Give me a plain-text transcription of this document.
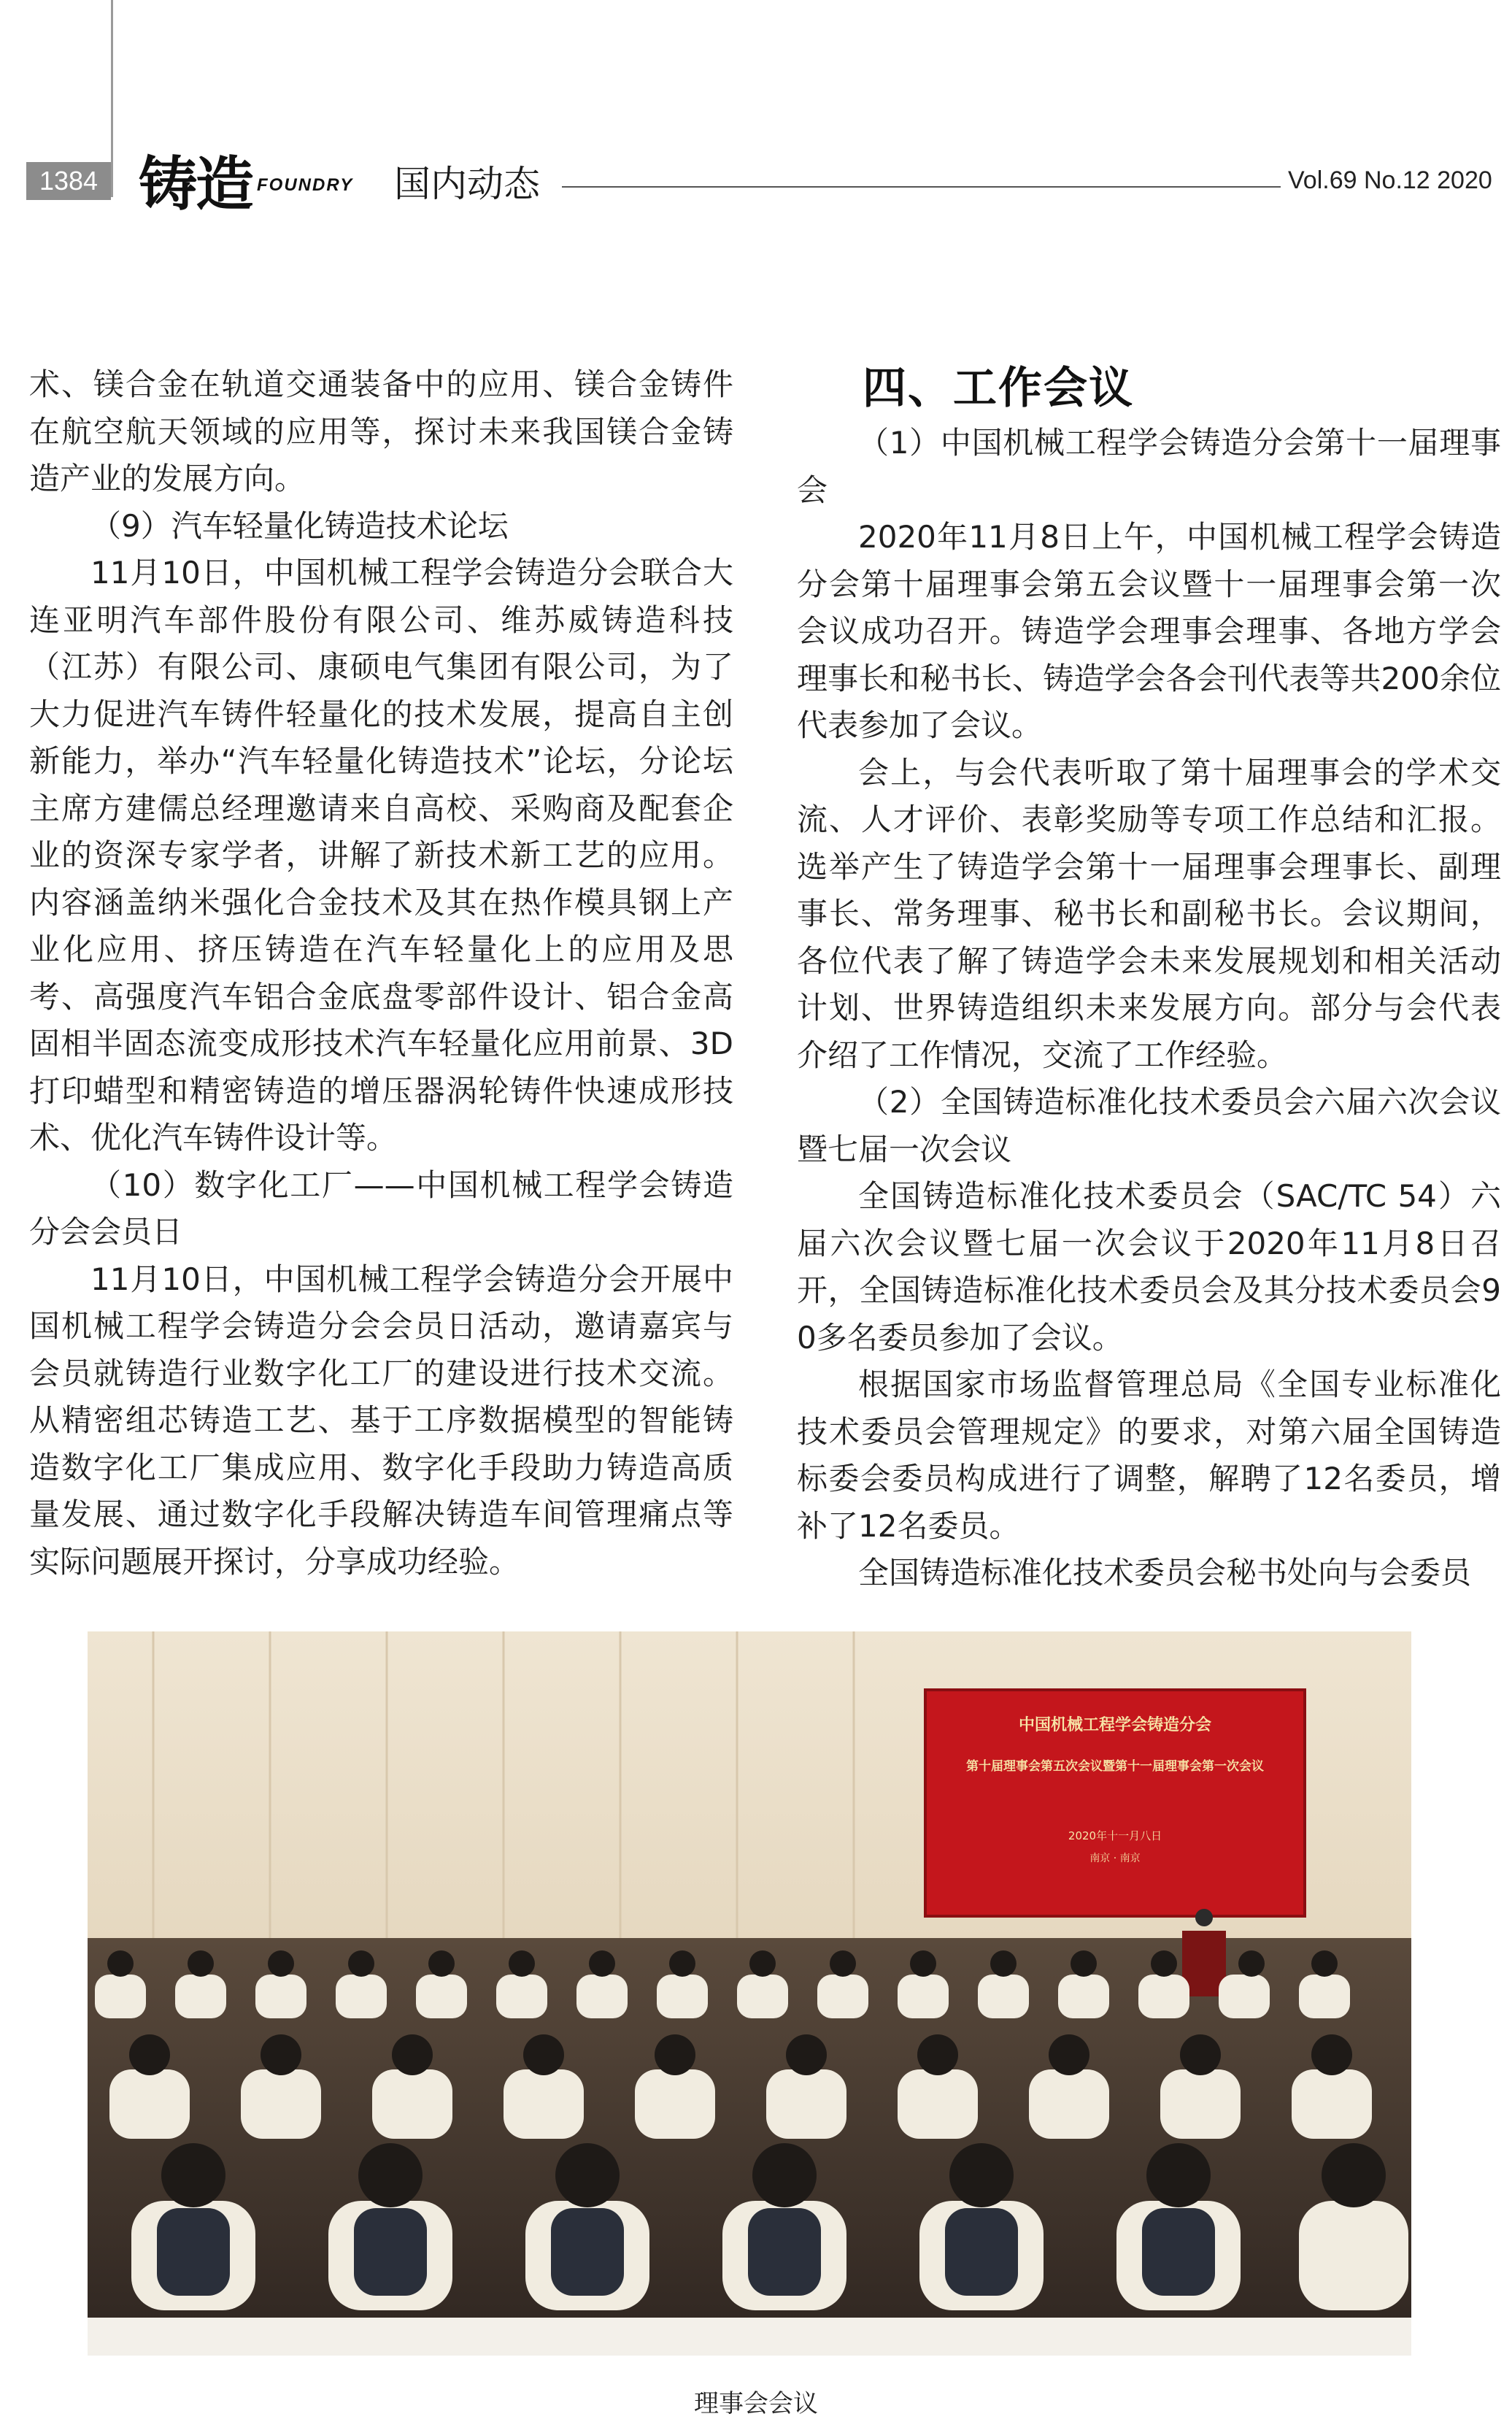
1384 铸造 FOUNDRY 国内动态	Vol.69 No.12 2020

术、镁合金在轨道交通装备中的应用、镁合金铸件在航空航天领域的应用等，探讨未来我国镁合金铸造产业的发展方向。

（9）汽车轻量化铸造技术论坛

11月10日，中国机械工程学会铸造分会联合大连亚明汽车部件股份有限公司、维苏威铸造科技（江苏）有限公司、康硕电气集团有限公司，为了大力促进汽车铸件轻量化的技术发展，提高自主创新能力，举办“汽车轻量化铸造技术”论坛，分论坛主席方建儒总经理邀请来自高校、采购商及配套企业的资深专家学者，讲解了新技术新工艺的应用。内容涵盖纳米强化合金技术及其在热作模具钢上产业化应用、挤压铸造在汽车轻量化上的应用及思考、高强度汽车铝合金底盘零部件设计、铝合金高固相半固态流变成形技术汽车轻量化应用前景、3D打印蜡型和精密铸造的增压器涡轮铸件快速成形技术、优化汽车铸件设计等。

（10）数字化工厂——中国机械工程学会铸造分会会员日

11月10日，中国机械工程学会铸造分会开展中国机械工程学会铸造分会会员日活动，邀请嘉宾与会员就铸造行业数字化工厂的建设进行技术交流。从精密组芯铸造工艺、基于工序数据模型的智能铸造数字化工厂集成应用、数字化手段助力铸造高质量发展、通过数字化手段解决铸造车间管理痛点等实际问题展开探讨，分享成功经验。

四、工作会议

（1）中国机械工程学会铸造分会第十一届理事会

2020年11月8日上午，中国机械工程学会铸造分会第十届理事会第五会议暨十一届理事会第一次会议成功召开。铸造学会理事会理事、各地方学会理事长和秘书长、铸造学会各会刊代表等共200余位代表参加了会议。

会上，与会代表听取了第十届理事会的学术交流、人才评价、表彰奖励等专项工作总结和汇报。选举产生了铸造学会第十一届理事会理事长、副理事长、常务理事、秘书长和副秘书长。会议期间，各位代表了解了铸造学会未来发展规划和相关活动计划、世界铸造组织未来发展方向。部分与会代表介绍了工作情况，交流了工作经验。

（2）全国铸造标准化技术委员会六届六次会议暨七届一次会议

全国铸造标准化技术委员会（SAC/TC 54）六届六次会议暨七届一次会议于2020年11月8日召开，全国铸造标准化技术委员会及其分技术委员会90多名委员参加了会议。

根据国家市场监督管理总局《全国专业标准化技术委员会管理规定》的要求，对第六届全国铸造标委会委员构成进行了调整，解聘了12名委员，增补了12名委员。

全国铸造标准化技术委员会秘书处向与会委员

中国机械工程学会铸造分会
第十届理事会第五次会议暨第十一届理事会第一次会议
2020年十一月八日
南京 · 南京
理事会会议
